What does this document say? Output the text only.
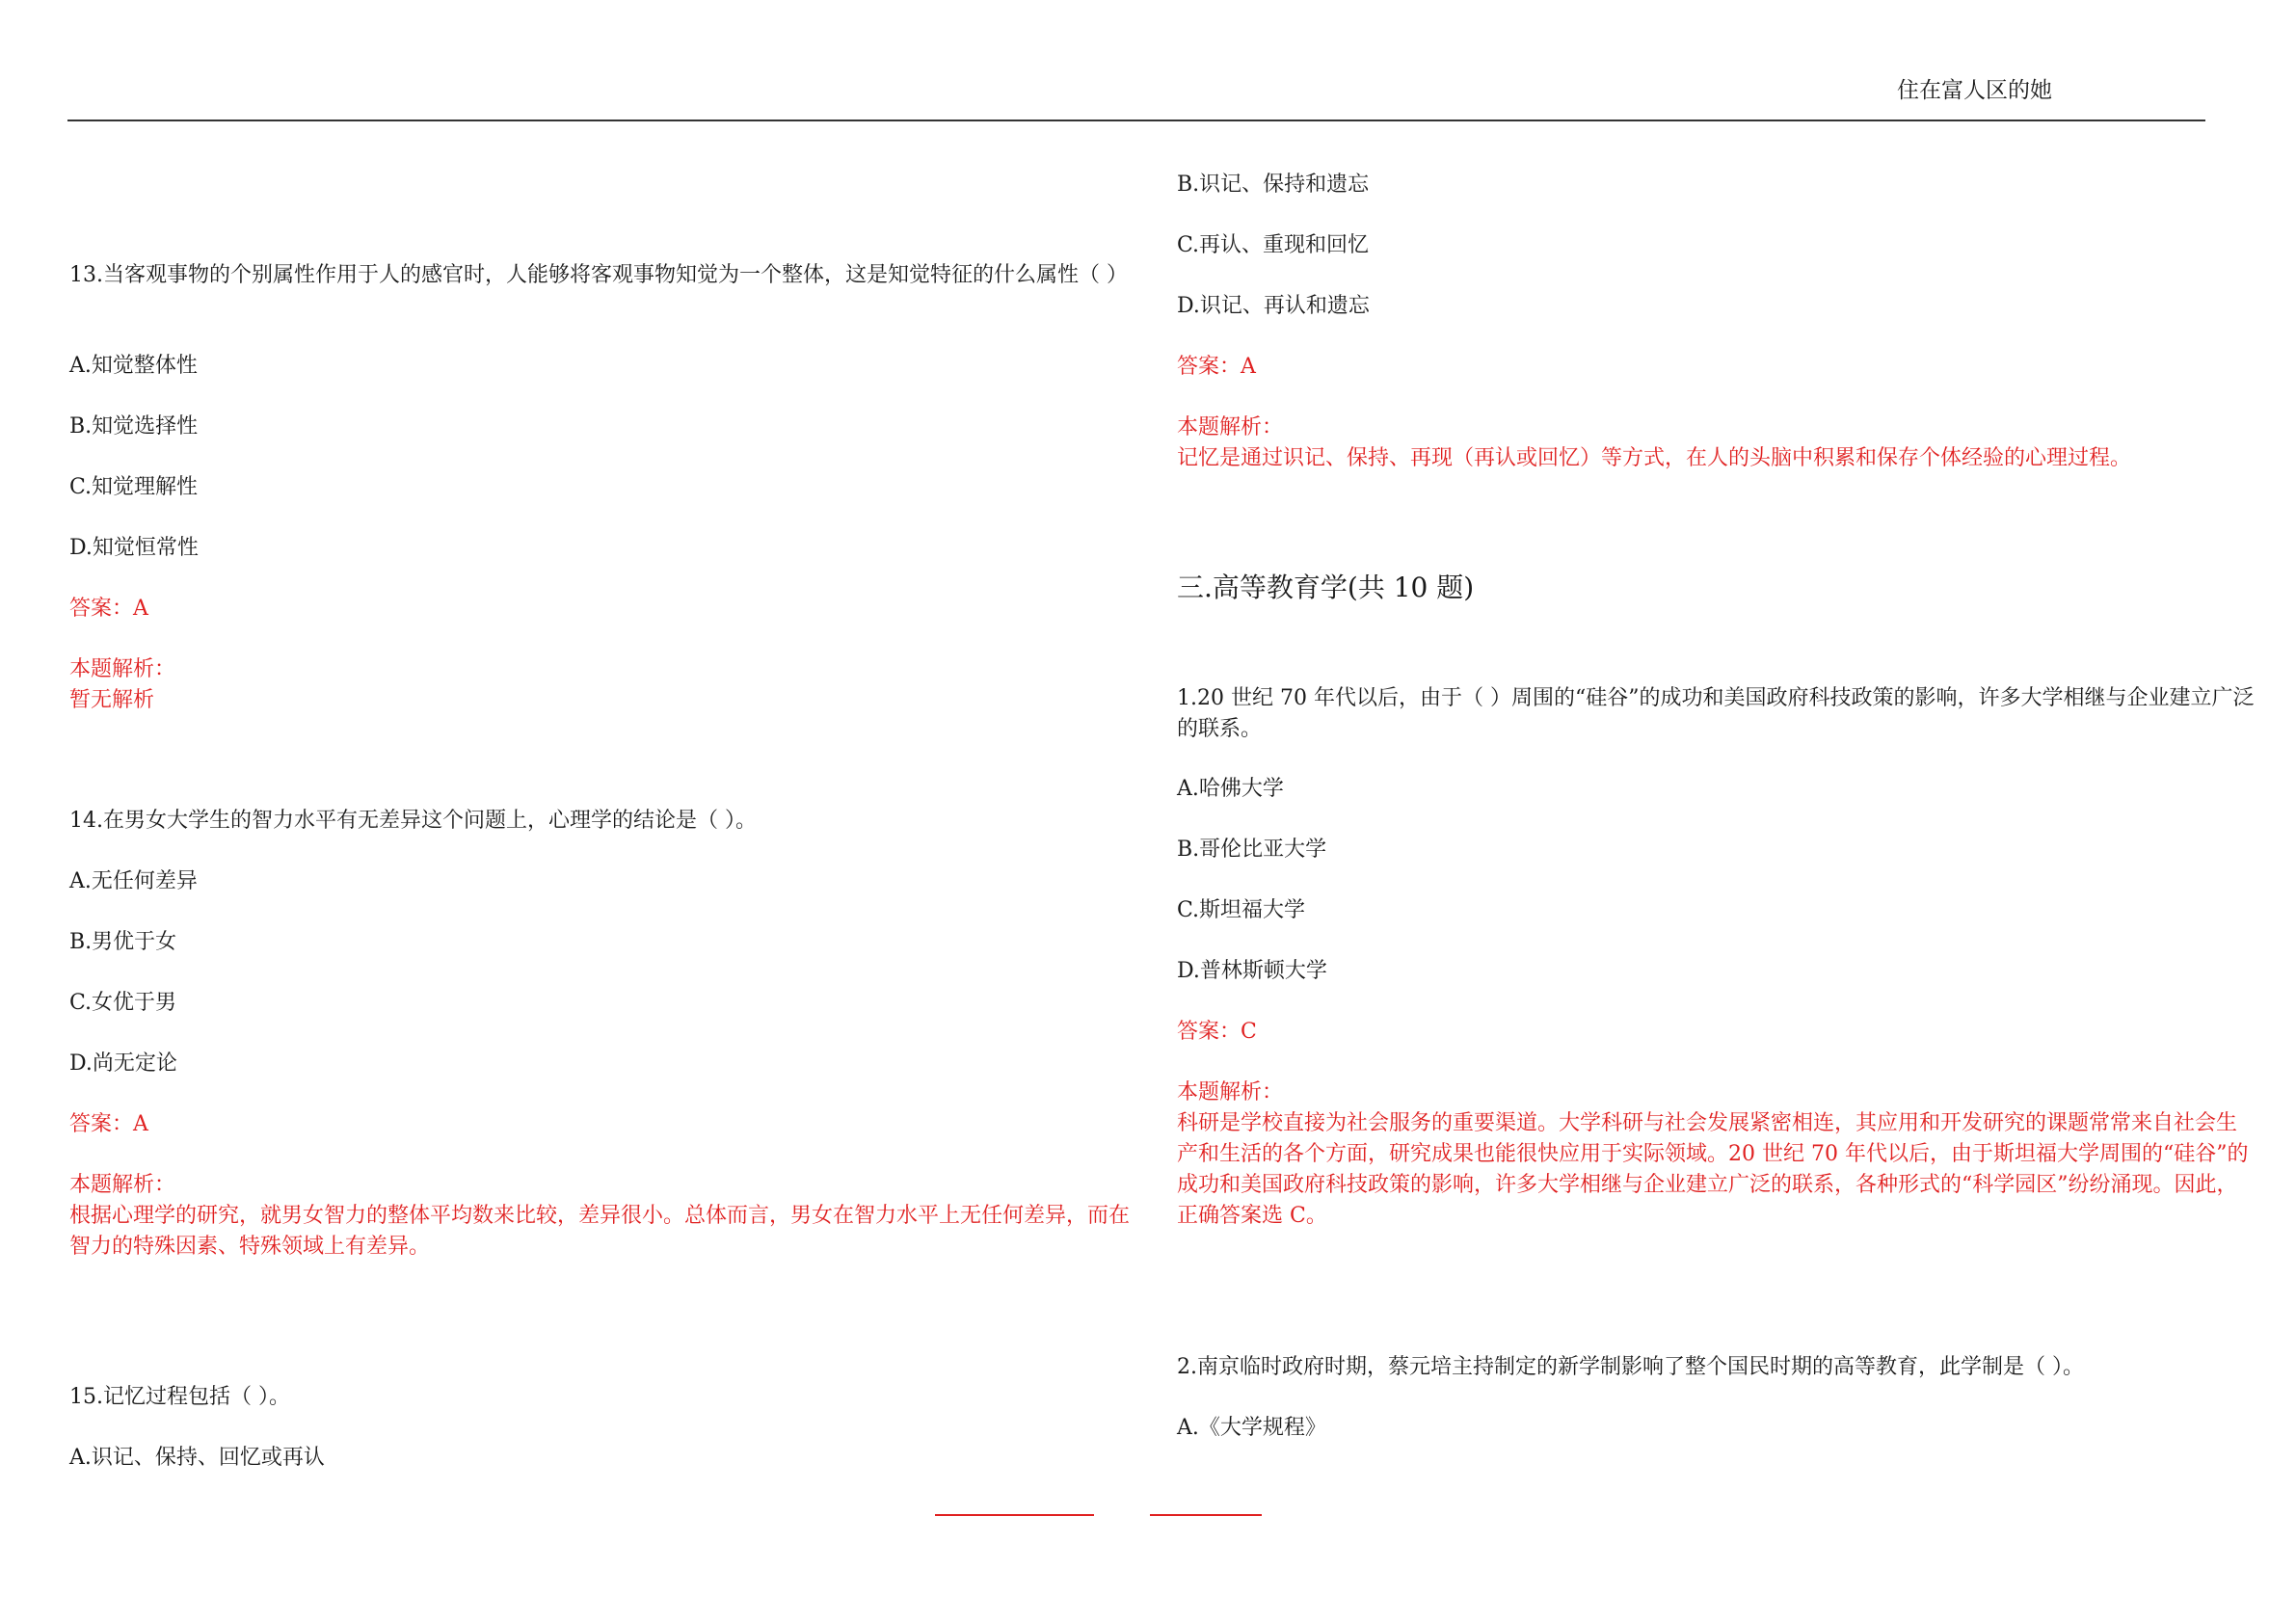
住在富人区的她
13.当客观事物的个别属性作用于人的感官时，人能够将客观事物知觉为一个整体，这是知觉特征的什么属性（ ）
A.知觉整体性
B.知觉选择性
C.知觉理解性
D.知觉恒常性
答案：A
本题解析：
暂无解析
14.在男女大学生的智力水平有无差异这个问题上，心理学的结论是（ ）。
A.无任何差异
B.男优于女
C.女优于男
D.尚无定论
答案：A
本题解析：
根据心理学的研究，就男女智力的整体平均数来比较，差异很小。总体而言，男女在智力水平上无任何差异，而在智力的特殊因素、特殊领域上有差异。
15.记忆过程包括（ ）。
A.识记、保持、回忆或再认
B.识记、保持和遗忘
C.再认、重现和回忆
D.识记、再认和遗忘
答案：A
本题解析：
记忆是通过识记、保持、再现（再认或回忆）等方式，在人的头脑中积累和保存个体经验的心理过程。
三.高等教育学(共 10 题)
1.20 世纪 70 年代以后，由于（ ）周围的“硅谷”的成功和美国政府科技政策的影响，许多大学相继与企业建立广泛的联系。
A.哈佛大学
B.哥伦比亚大学
C.斯坦福大学
D.普林斯顿大学
答案：C
本题解析：
科研是学校直接为社会服务的重要渠道。大学科研与社会发展紧密相连，其应用和开发研究的课题常常来自社会生产和生活的各个方面，研究成果也能很快应用于实际领域。20 世纪 70 年代以后，由于斯坦福大学周围的“硅谷”的成功和美国政府科技政策的影响，许多大学相继与企业建立广泛的联系，各种形式的“科学园区”纷纷涌现。因此，正确答案选 C。
2.南京临时政府时期，蔡元培主持制定的新学制影响了整个国民时期的高等教育，此学制是（ ）。
A.《大学规程》
